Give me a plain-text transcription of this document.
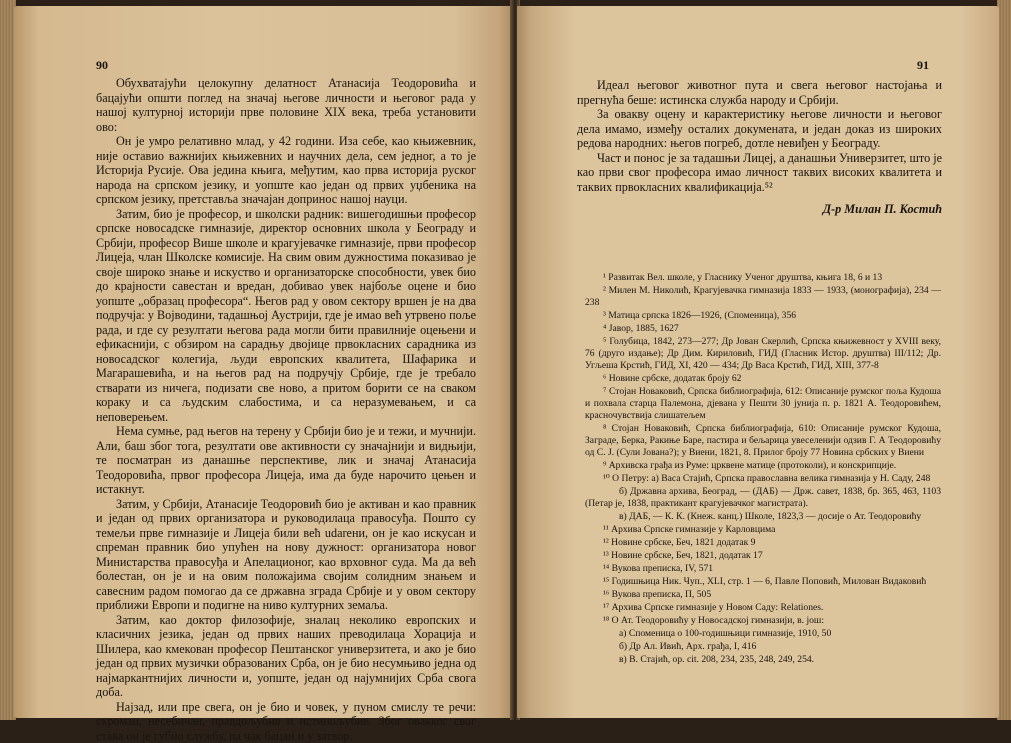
90

Обухватајући целокупну делатност Атанасија Теодоровића и бацајући општи поглед на значај његове личности и његовог рада у нашој културној историји прве половине XIX века, треба установити ово:

Он је умро релативно млад, у 42 години. Иза себе, као књижевник, није оставио важнијих књижевних и научних дела, сем једног, а то је Историја Русије. Ова једина књига, међутим, као прва историја руског народа на српском језику, и уопште као један од првих уџбеника на српском језику, претставља значајан допринос нашој науци.

Затим, био је професор, и школски радник: вишегодишњи професор српске новосадске гимназије, директор основних школа у Београду и Србији, професор Више школе и крагујевачке гимназије, први професор Лицеја, члан Школске комисије. На свим овим дужностима показивао је своје широко знање и искуство и организаторске способности, увек био до крајности савестан и вредан, добивао увек најбоље оцене и био уопште „образац професора“. Његов рад у овом сектору вршен је на два подручја: у Војводини, тадашњој Аустрији, где је имао већ утрвено поље рада, и где су резултати његова рада могли бити правилније оцењени и ефикаснији, с обзиром на сарадњу двојице првокласних сарадника из новосадског колегија, људи европских квалитета, Шафарика и Магарашевића, и на његов рад на подручју Србије, где је требало стварати из ничега, подизати све ново, а притом борити се на сваком кораку и са људским слабостима, и са неразумевањем, и са неповерењем.

Нема сумње, рад његов на терену у Србији био је и тежи, и мучнији. Али, баш због тога, резултати ове активности су значајнији и видњији, те посматран из данашње перспективе, лик и значај Атанасија Теодоровића, првог професора Лицеја, има да буде нарочито цењен и истакнут.

Затим, у Србији, Атанасије Теодоровић био је активан и као правник и један од првих организатора и руководилаца правосуђа. Пошто су темељи прве гимназије и Лицеја били већ udarени, он је као искусан и спреман правник био упућен на нову дужност: организатора новог Министарства правосуђа и Апелационог, као врховног суда. Ма да већ болестан, он је и на овим положајима својим солидним знањем и савесним радом помогао да се државна зграда Србије и у овом сектору приближи Европи и подигне на ниво културних земаља.

Затим, као доктор филозофије, зналац неколико европских и класичних језика, један од првих наших преводилаца Хорација и Шилера, као кмекован професор Пештанског универзитета, и ако је био један од првих музички образованих Срба, он је био несумњиво једна од најмаркантнијих личности и, уопште, један од најумнијих Срба свога доба.

Најзад, или пре свега, он је био и човек, у пуном смислу тe речи: скроман, несебичан, правдољубив и истинољубив. Због овакког свог става он је губио службу, па чак бацан и у затвор.

91

Идеал његовог животног пута и свега његовог настојања и прегнућа беше: истинска служба народу и Србији.

За овакву оцену и карактеристику његове личности и његовог дела имамо, између осталих докумената, и један доказ из широких редова народних: његов погреб, дотле невиђен у Београду.

Част и понос је за тадашњи Лицеј, а данашњи Универзитет, што је као први свог професора имао личност таквих високих квалитета и таквих првокласних квалификација.⁵²

Д-р Милан П. Костић
¹ Развитак Вел. школе, у Гласнику Ученог друштва, књига 18, 6 и 13
² Милен М. Николић, Крагујевачка гимназија 1833 — 1933, (монографија), 234 — 238
³ Матица српска 1826—1926, (Споменица), 356
⁴ Јавор, 1885, 1627
⁵ Голубица, 1842, 273—277; Др Јован Скерлић, Српска књижевност у XVIII веку, 76 (друго издање); Др Дим. Кириловић, ГИД (Гласник Истор. друштва) III/112; Др. Угљеша Крстић, ГИД, XI, 420 — 434; Др Васа Крстић, ГИД, XIII, 377-8
⁶ Новине србске, додатак броју 62
⁷ Стојан Новаковић, Српска библиографија, 612: Описаније румског поља Кудоша и похвала старца Палемона, дјевана у Пешти 30 јунија п. р. 1821 А. Теодоровићем, красночувствија слишатељем
⁸ Стојан Новаковић, Српска библиографија, 610: Описаније румског Кудоша, Заграде, Берка, Ракиње Баре, пастира и бељарица увеселенији одзив Г. А Теодоровићу од С. Ј. (Сули Јована?); у Виени, 1821, 8. Прилог броју 77 Новина србских у Виени
⁹ Архивска грађа из Руме: црквене матице (протоколи), и конскрипције.
¹⁰ О Петру: а) Васа Стајић, Српска православна велика гимназија у Н. Саду, 248
б) Државна архива, Београд, — (ДАБ) — Држ. савет, 1838, бр. 365, 463, 1103 (Петар је, 1838, практикант крагујевачког магистрата).
в) ДАБ, — К. К. (Кнеж. канц.) Школе, 1823,3 — досије о Ат. Теодоровићу
¹¹ Архива Српске гимназије у Карловцима
¹² Новине србске, Беч, 1821 додатак 9
¹³ Новине србске, Беч, 1821, додатак 17
¹⁴ Вукова преписка, IV, 571
¹⁵ Годишњица Ник. Чуп., XLI, стр. 1 — 6, Павле Поповић, Милован Видаковић
¹⁶ Вукова преписка, П, 505
¹⁷ Архива Српске гимназије у Новом Саду: Relationes.
¹⁸ О Ат. Теодоровићу у Новосадској гимназији, в. још:
а) Споменица о 100-годишњици гимназије, 1910, 50
б) Др Ал. Ивић, Арх. грађа, I, 416
в) В. Стајић, op. cit. 208, 234, 235, 248, 249, 254.
